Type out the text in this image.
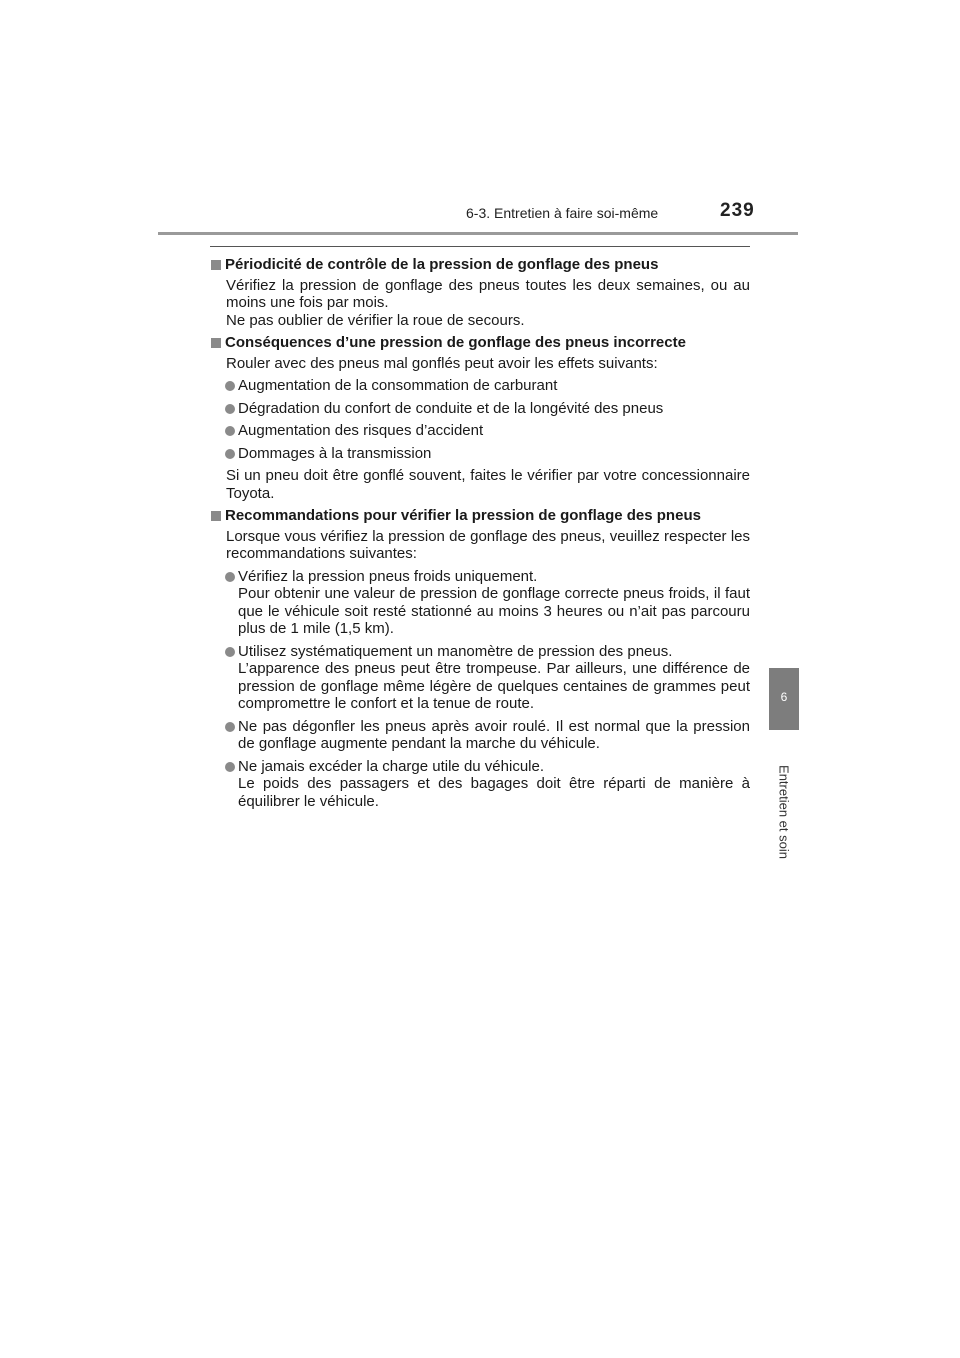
6-3. Entretien à faire soi-même	239
6
Entretien et soin
Périodicité de contrôle de la pression de gonflage des pneus
Vérifiez la pression de gonflage des pneus toutes les deux semaines, ou au moins une fois par mois.
Ne pas oublier de vérifier la roue de secours.
Conséquences d’une pression de gonflage des pneus incorrecte
Rouler avec des pneus mal gonflés peut avoir les effets suivants:
Augmentation de la consommation de carburant
Dégradation du confort de conduite et de la longévité des pneus
Augmentation des risques d’accident
Dommages à la transmission
Si un pneu doit être gonflé souvent, faites le vérifier par votre concessionnaire Toyota.
Recommandations pour vérifier la pression de gonflage des pneus
Lorsque vous vérifiez la pression de gonflage des pneus, veuillez respecter les recommandations suivantes:
Vérifiez la pression pneus froids uniquement.
Pour obtenir une valeur de pression de gonflage correcte pneus froids, il faut que le véhicule soit resté stationné au moins 3 heures ou n’ait pas parcouru plus de 1 mile (1,5 km).
Utilisez systématiquement un manomètre de pression des pneus.
L’apparence des pneus peut être trompeuse. Par ailleurs, une différence de pression de gonflage même légère de quelques centaines de grammes peut compromettre le confort et la tenue de route.
Ne pas dégonfler les pneus après avoir roulé. Il est normal que la pression de gonflage augmente pendant la marche du véhicule.
Ne jamais excéder la charge utile du véhicule.
Le poids des passagers et des bagages doit être réparti de manière à équilibrer le véhicule.
